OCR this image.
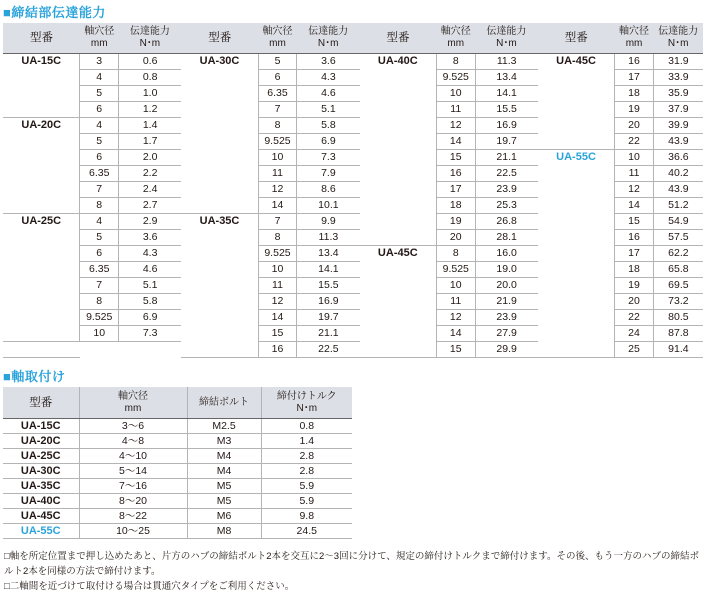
■締結部伝達能力
型番	軸穴径
mm	伝達能力
N･m	型番	軸穴径
mm	伝達能力
N･m	型番	軸穴径
mm	伝達能力
N･m	型番	軸穴径
mm	伝達能力
N･m
UA-15C	3	0.6	UA-30C	5	3.6	UA-40C	8	11.3	UA-45C	16	31.9
	4	0.8		6	4.3		9.525	13.4		17	33.9
	5	1.0		6.35	4.6		10	14.1		18	35.9
	6	1.2		7	5.1		11	15.5		19	37.9
UA-20C	4	1.4		8	5.8		12	16.9		20	39.9
	5	1.7		9.525	6.9		14	19.7		22	43.9
	6	2.0		10	7.3		15	21.1	UA-55C	10	36.6
	6.35	2.2		11	7.9		16	22.5		11	40.2
	7	2.4		12	8.6		17	23.9		12	43.9
	8	2.7		14	10.1		18	25.3		14	51.2
UA-25C	4	2.9	UA-35C	7	9.9		19	26.8		15	54.9
	5	3.6		8	11.3		20	28.1		16	57.5
	6	4.3		9.525	13.4	UA-45C	8	16.0		17	62.2
	6.35	4.6		10	14.1		9.525	19.0		18	65.8
	7	5.1		11	15.5		10	20.0		19	69.5
	8	5.8		12	16.9		11	21.9		20	73.2
	9.525	6.9		14	19.7		12	23.9		22	80.5
	10	7.3		15	21.1		14	27.9		24	87.8
				16	22.5		15	29.9		25	91.4
■軸取付け
型番	軸穴径
mm	締結ボルト	締付けトルク
N･m
UA-15C	3～6	M2.5	0.8
UA-20C	4～8	M3	1.4
UA-25C	4～10	M4	2.8
UA-30C	5～14	M4	2.8
UA-35C	7～16	M5	5.9
UA-40C	8～20	M5	5.9
UA-45C	8～22	M6	9.8
UA-55C	10～25	M8	24.5
□軸を所定位置まで押し込めたあと、片方のハブの締結ボルト2本を交互に2～3回に分けて、規定の締付けトルクまで締付けます。その後、もう一方のハブの締結ボルト2本を同様の方法で締付けます。
□二軸間を近づけて取付ける場合は貫通穴タイプをご利用ください。
